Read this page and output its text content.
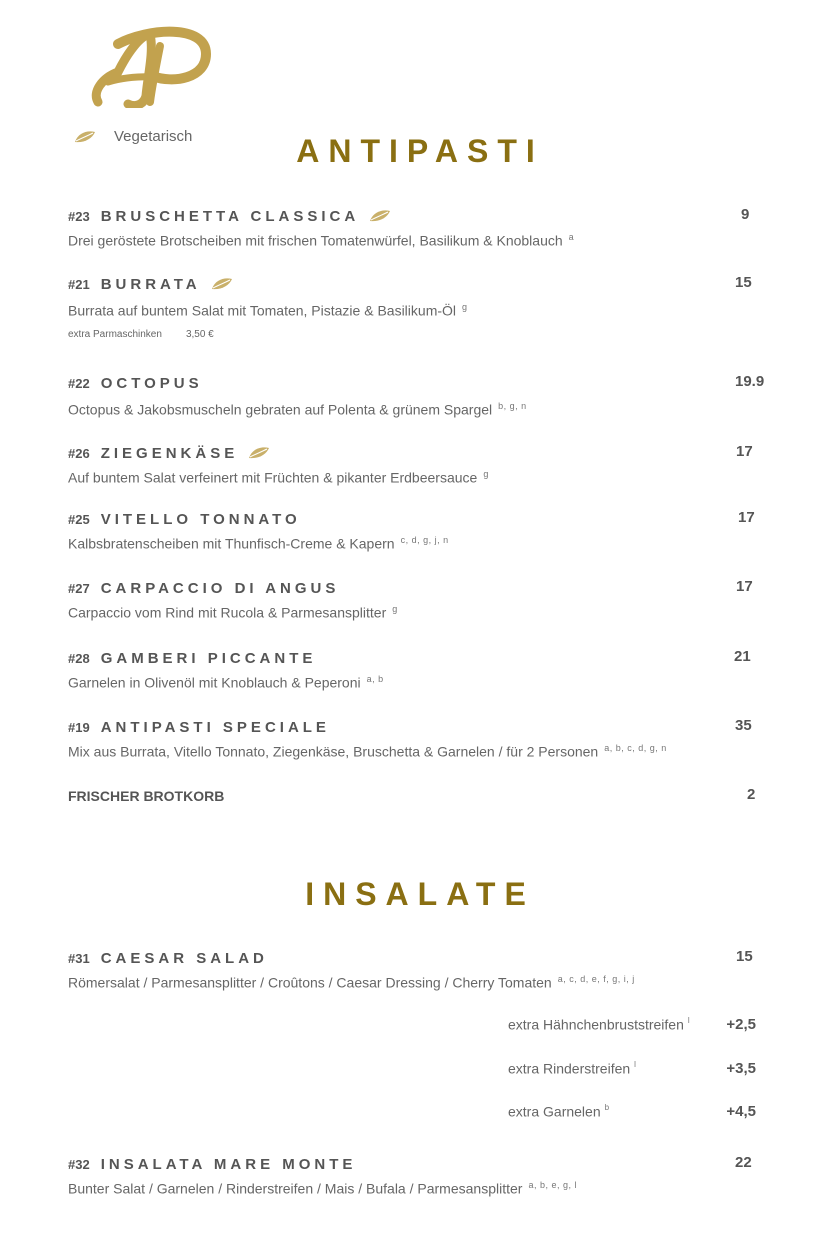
Vegetarisch	ANTIPASTI
#23 BRUSCHETTA CLASSICA	9
Drei geröstete Brotscheiben mit frischen Tomatenwürfel, Basilikum & Knoblauch $^a$
#21 BURRATA	15
Burrata auf buntem Salat mit Tomaten, Pistazie & Basilikum-Öl $^g$
extra Parmaschinken 3,50 €
#22 OCTOPUS	19.9
Octopus & Jakobsmuscheln gebraten auf Polenta & grünem Spargel $^{b, g, n}$
#26 ZIEGENKÄSE	17
Auf buntem Salat verfeinert mit Früchten & pikanter Erdbeersauce $^g$
#25 VITELLO TONNATO	17
Kalbsbratenscheiben mit Thunfisch-Creme & Kapern $^{c, d, g, j, n}$
#27 CARPACCIO DI ANGUS	17
Carpaccio vom Rind mit Rucola & Parmesansplitter $^g$
#28 GAMBERI PICCANTE	21
Garnelen in Olivenöl mit Knoblauch & Peperoni $^{a, b}$
#19 ANTIPASTI SPECIALE	35
Mix aus Burrata, Vitello Tonnato, Ziegenkäse, Bruschetta & Garnelen / für 2 Personen $^{a, b, c, d, g, n}$
FRISCHER BROTKORB	2
INSALATE
#31 CAESAR SALAD	15
Römersalat / Parmesansplitter / Croûtons / Caesar Dressing / Cherry Tomaten $^{a, c, d, e, f, g, i, j}$
extra Hähnchenbruststreifen $^l$ +2,5
extra Rinderstreifen $^l$	+3,5
extra Garnelen $^b$	+4,5
#32 INSALATA MARE MONTE	22
Bunter Salat / Garnelen / Rinderstreifen / Mais / Bufala / Parmesansplitter $^{a, b, e, g, l}$
